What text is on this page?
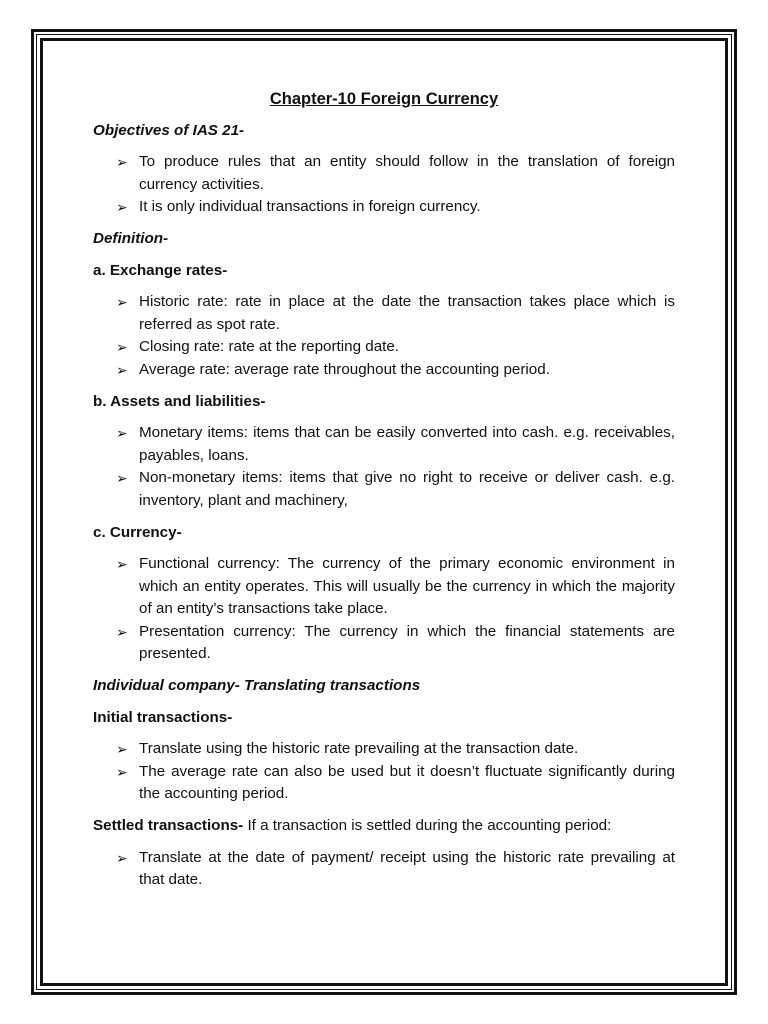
Chapter-10 Foreign Currency
Objectives of IAS 21-
➢ To produce rules that an entity should follow in the translation of foreign currency activities.
➢ It is only individual transactions in foreign currency.
Definition-
a. Exchange rates-
➢ Historic rate: rate in place at the date the transaction takes place which is referred as spot rate.
➢ Closing rate: rate at the reporting date.
➢ Average rate: average rate throughout the accounting period.
b. Assets and liabilities-
➢ Monetary items: items that can be easily converted into cash. e.g. receivables, payables, loans.
➢ Non-monetary items: items that give no right to receive or deliver cash. e.g. inventory, plant and machinery,
c. Currency-
➢ Functional currency: The currency of the primary economic environment in which an entity operates. This will usually be the currency in which the majority of an entity’s transactions take place.
➢ Presentation currency: The currency in which the financial statements are presented.
Individual company- Translating transactions
Initial transactions-
➢ Translate using the historic rate prevailing at the transaction date.
➢ The average rate can also be used but it doesn’t fluctuate significantly during the accounting period.
Settled transactions- If a transaction is settled during the accounting period:
➢ Translate at the date of payment/ receipt using the historic rate prevailing at that date.
